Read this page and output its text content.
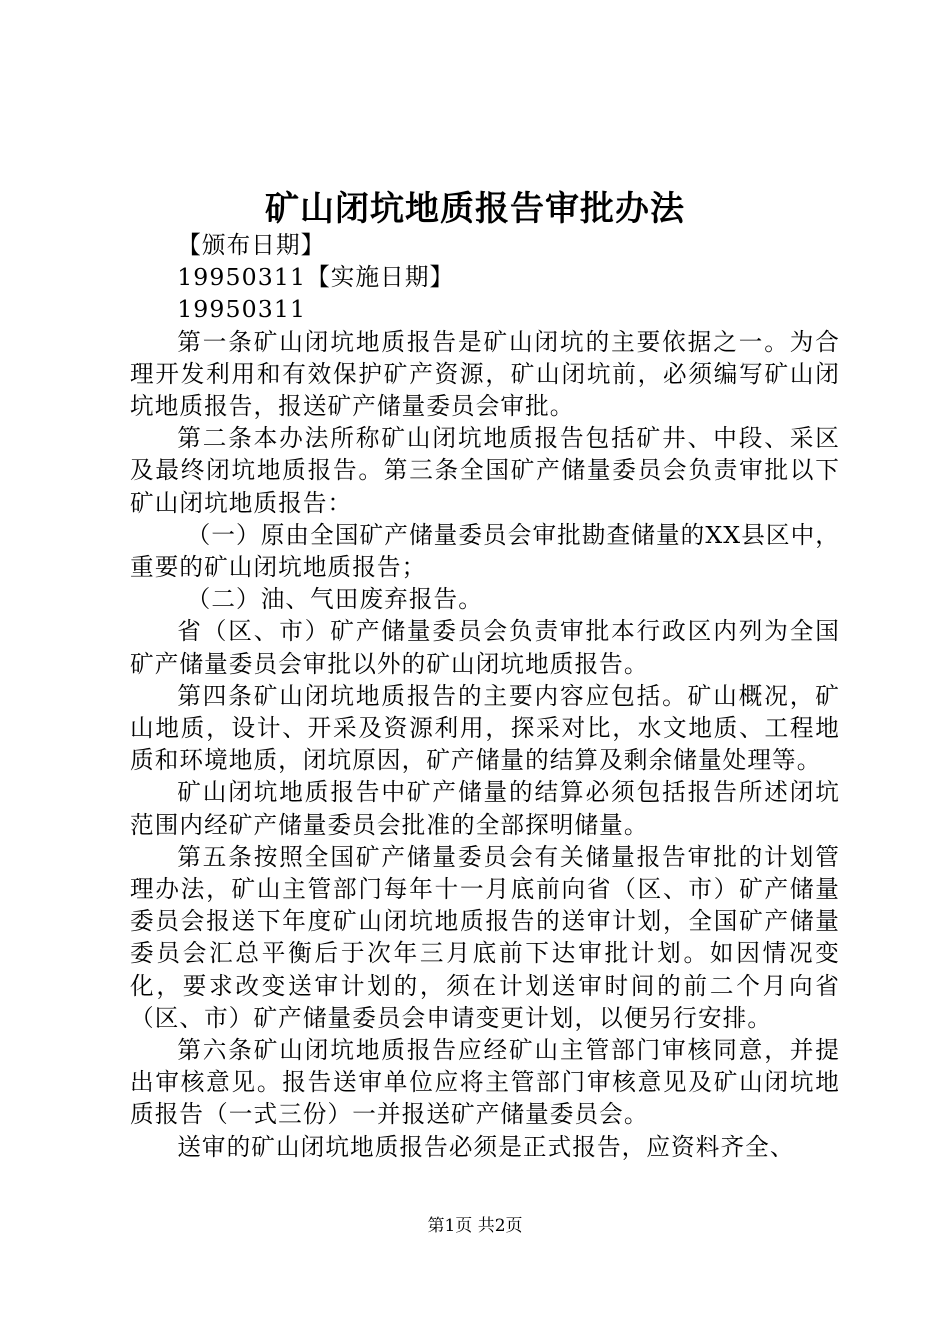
矿山闭坑地质报告审批办法

【颁布日期】

19950311【实施日期】

19950311

第一条矿山闭坑地质报告是矿山闭坑的主要依据之一。为合理开发利用和有效保护矿产资源，矿山闭坑前，必须编写矿山闭坑地质报告，报送矿产储量委员会审批。

第二条本办法所称矿山闭坑地质报告包括矿井、中段、采区及最终闭坑地质报告。第三条全国矿产储量委员会负责审批以下矿山闭坑地质报告：

（一）原由全国矿产储量委员会审批勘查储量的XX县区中，重要的矿山闭坑地质报告；

（二）油、气田废弃报告。

省（区、市）矿产储量委员会负责审批本行政区内列为全国矿产储量委员会审批以外的矿山闭坑地质报告。

第四条矿山闭坑地质报告的主要内容应包括。矿山概况，矿山地质，设计、开采及资源利用，探采对比，水文地质、工程地质和环境地质，闭坑原因，矿产储量的结算及剩余储量处理等。

矿山闭坑地质报告中矿产储量的结算必须包括报告所述闭坑范围内经矿产储量委员会批准的全部探明储量。

第五条按照全国矿产储量委员会有关储量报告审批的计划管理办法，矿山主管部门每年十一月底前向省（区、市）矿产储量委员会报送下年度矿山闭坑地质报告的送审计划，全国矿产储量委员会汇总平衡后于次年三月底前下达审批计划。如因情况变化，要求改变送审计划的，须在计划送审时间的前二个月向省（区、市）矿产储量委员会申请变更计划，以便另行安排。

第六条矿山闭坑地质报告应经矿山主管部门审核同意，并提出审核意见。报告送审单位应将主管部门审核意见及矿山闭坑地质报告（一式三份）一并报送矿产储量委员会。

送审的矿山闭坑地质报告必须是正式报告，应资料齐全、

第1页 共2页
